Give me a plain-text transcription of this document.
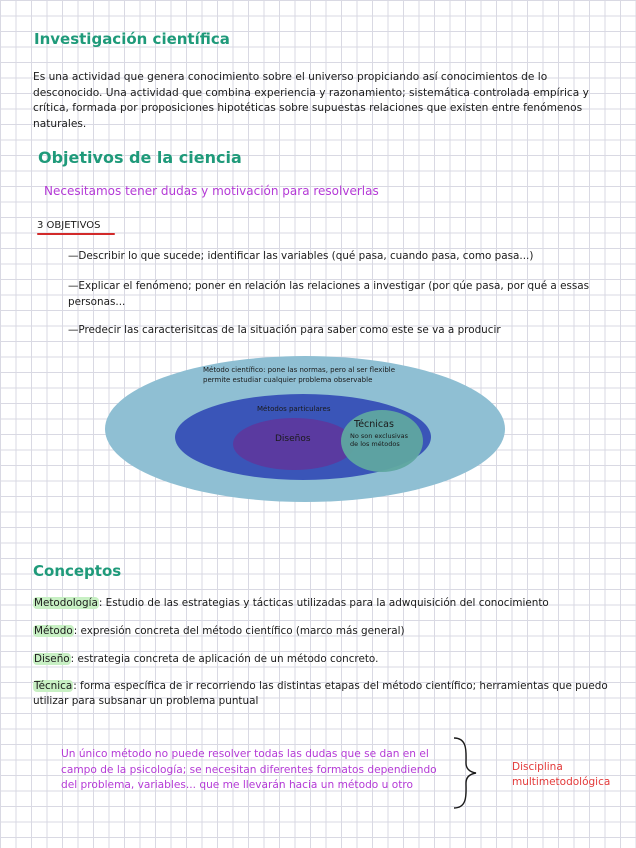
Investigación científica
Es una actividad que genera conocimiento sobre el universo propiciando así conocimientos de lo desconocido. Una actividad que combina experiencia y razonamiento; sistemática controlada empírica y crítica, formada por proposiciones hipotéticas sobre supuestas relaciones que existen entre fenómenos naturales.
Objetivos de la ciencia
Necesitamos tener dudas y motivación para resolverlas
3 OBJETIVOS
—Describir lo que sucede; identificar las variables (qué pasa, cuando pasa, como pasa...)
—Explicar el fenómeno; poner en relación las relaciones a investigar (por qúe pasa, por qué a essas personas...
—Predecir las caracterisitcas de la situación para saber como este se va a producir
Método científico: pone las normas, pero al ser flexible
permite estudiar cualquier problema observable
Métodos particulares
Diseños
Técnicas
No son exclusivas
de los métodos
Conceptos
Metodología: Estudio de las estrategias y tácticas utilizadas para la adwquisición del conocimiento
Método: expresión concreta del método científico (marco más general)
Diseño: estrategia concreta de aplicación de un método concreto.
Técnica: forma específica de ir recorriendo las distintas etapas del método científico; herramientas que puedo utilizar para subsanar un problema puntual
Un único método no puede resolver todas las dudas que se dan en el campo de la psicología; se necesitan diferentes formatos dependiendo del problema, variables... que me llevarán hacia un método u otro
Disciplina
multimetodológica
